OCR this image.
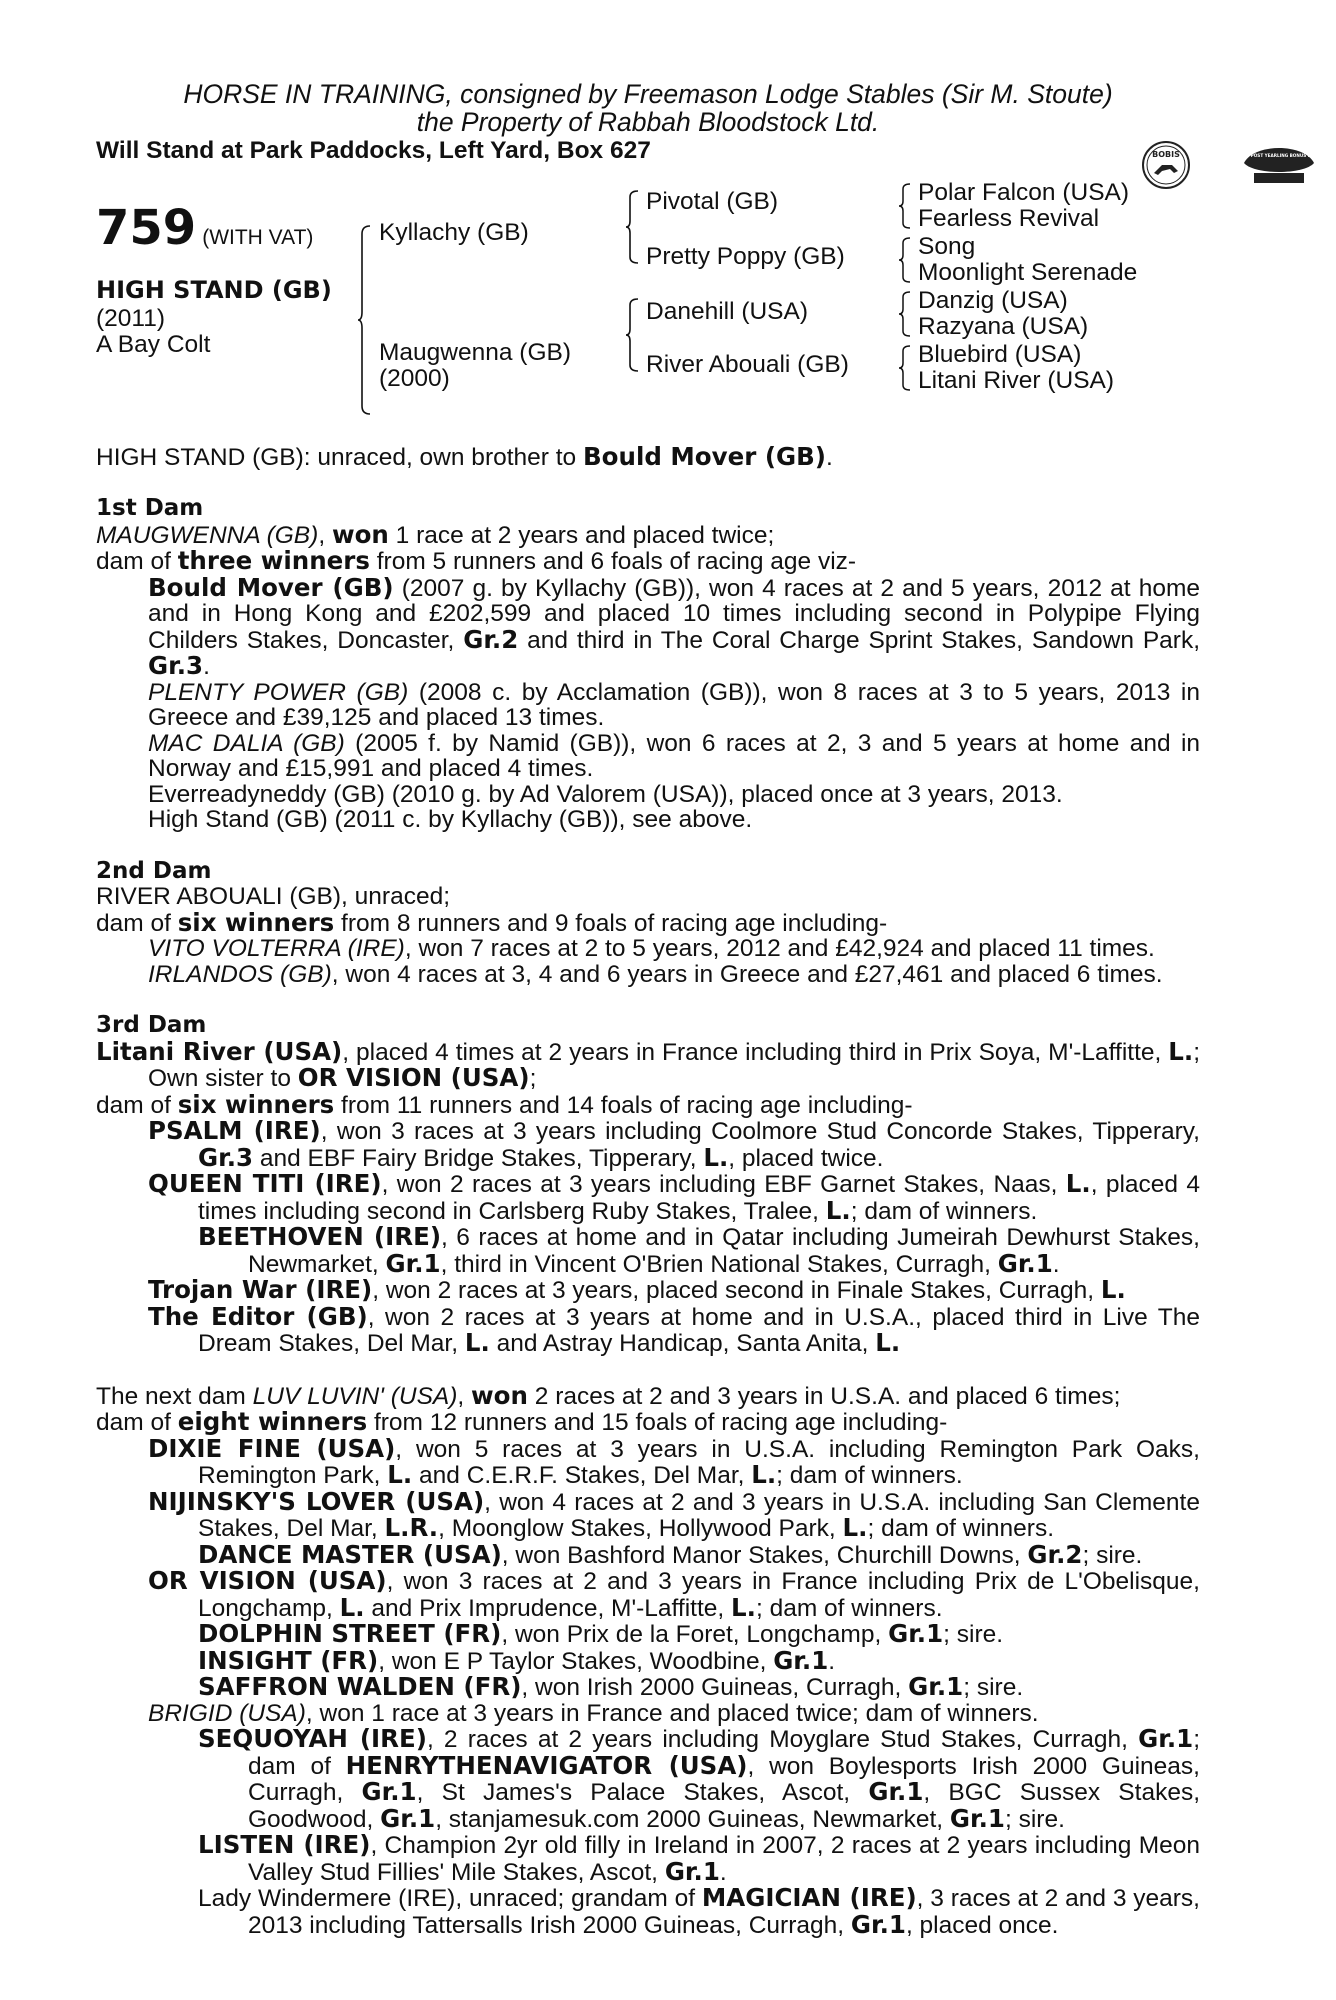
HORSE IN TRAINING, consigned by Freemason Lodge Stables (Sir M. Stoute)
the Property of Rabbah Bloodstock Ltd.
Will Stand at Park Paddocks, Left Yard, Box 627	BOBIS	RACING POST YEARLING BONUS £10,000
759 (WITH VAT)
HIGH STAND (GB)
(2011)
A Bay Colt
Kyllachy (GB)
Maugwenna (GB)
(2000)
Pivotal (GB)
Pretty Poppy (GB)
Danehill (USA)
River Abouali (GB)
Polar Falcon (USA)
Fearless Revival
Song
Moonlight Serenade
Danzig (USA)
Razyana (USA)
Bluebird (USA)
Litani River (USA)

HIGH STAND (GB): unraced, own brother to Bould Mover (GB).

1st Dam

MAUGWENNA (GB), won 1 race at 2 years and placed twice;

dam of three winners from 5 runners and 6 foals of racing age viz-

Bould Mover (GB) (2007 g. by Kyllachy (GB)), won 4 races at 2 and 5 years, 2012 at home and in Hong Kong and £202,599 and placed 10 times including second in Polypipe Flying Childers Stakes, Doncaster, Gr.2 and third in The Coral Charge Sprint Stakes, Sandown Park, Gr.3.

PLENTY POWER (GB) (2008 c. by Acclamation (GB)), won 8 races at 3 to 5 years, 2013 in Greece and £39,125 and placed 13 times.

MAC DALIA (GB) (2005 f. by Namid (GB)), won 6 races at 2, 3 and 5 years at home and in Norway and £15,991 and placed 4 times.

Everreadyneddy (GB) (2010 g. by Ad Valorem (USA)), placed once at 3 years, 2013.

High Stand (GB) (2011 c. by Kyllachy (GB)), see above.

2nd Dam

RIVER ABOUALI (GB), unraced;

dam of six winners from 8 runners and 9 foals of racing age including-

VITO VOLTERRA (IRE), won 7 races at 2 to 5 years, 2012 and £42,924 and placed 11 times.

IRLANDOS (GB), won 4 races at 3, 4 and 6 years in Greece and £27,461 and placed 6 times.

3rd Dam

Litani River (USA), placed 4 times at 2 years in France including third in Prix Soya, M'-Laffitte, L.; Own sister to OR VISION (USA);

dam of six winners from 11 runners and 14 foals of racing age including-

PSALM (IRE), won 3 races at 3 years including Coolmore Stud Concorde Stakes, Tipperary, Gr.3 and EBF Fairy Bridge Stakes, Tipperary, L., placed twice.

QUEEN TITI (IRE), won 2 races at 3 years including EBF Garnet Stakes, Naas, L., placed 4 times including second in Carlsberg Ruby Stakes, Tralee, L.; dam of winners.

BEETHOVEN (IRE), 6 races at home and in Qatar including Jumeirah Dewhurst Stakes, Newmarket, Gr.1, third in Vincent O'Brien National Stakes, Curragh, Gr.1.

Trojan War (IRE), won 2 races at 3 years, placed second in Finale Stakes, Curragh, L.

The Editor (GB), won 2 races at 3 years at home and in U.S.A., placed third in Live The Dream Stakes, Del Mar, L. and Astray Handicap, Santa Anita, L.

The next dam LUV LUVIN' (USA), won 2 races at 2 and 3 years in U.S.A. and placed 6 times;

dam of eight winners from 12 runners and 15 foals of racing age including-

DIXIE FINE (USA), won 5 races at 3 years in U.S.A. including Remington Park Oaks, Remington Park, L. and C.E.R.F. Stakes, Del Mar, L.; dam of winners.

NIJINSKY'S LOVER (USA), won 4 races at 2 and 3 years in U.S.A. including San Clemente Stakes, Del Mar, L.R., Moonglow Stakes, Hollywood Park, L.; dam of winners.

DANCE MASTER (USA), won Bashford Manor Stakes, Churchill Downs, Gr.2; sire.

OR VISION (USA), won 3 races at 2 and 3 years in France including Prix de L'Obelisque, Longchamp, L. and Prix Imprudence, M'-Laffitte, L.; dam of winners.

DOLPHIN STREET (FR), won Prix de la Foret, Longchamp, Gr.1; sire.

INSIGHT (FR), won E P Taylor Stakes, Woodbine, Gr.1.

SAFFRON WALDEN (FR), won Irish 2000 Guineas, Curragh, Gr.1; sire.

BRIGID (USA), won 1 race at 3 years in France and placed twice; dam of winners.

SEQUOYAH (IRE), 2 races at 2 years including Moyglare Stud Stakes, Curragh, Gr.1; dam of HENRYTHENAVIGATOR (USA), won Boylesports Irish 2000 Guineas, Curragh, Gr.1, St James's Palace Stakes, Ascot, Gr.1, BGC Sussex Stakes, Goodwood, Gr.1, stanjamesuk.com 2000 Guineas, Newmarket, Gr.1; sire.

LISTEN (IRE), Champion 2yr old filly in Ireland in 2007, 2 races at 2 years including Meon Valley Stud Fillies' Mile Stakes, Ascot, Gr.1.

Lady Windermere (IRE), unraced; grandam of MAGICIAN (IRE), 3 races at 2 and 3 years, 2013 including Tattersalls Irish 2000 Guineas, Curragh, Gr.1, placed once.
